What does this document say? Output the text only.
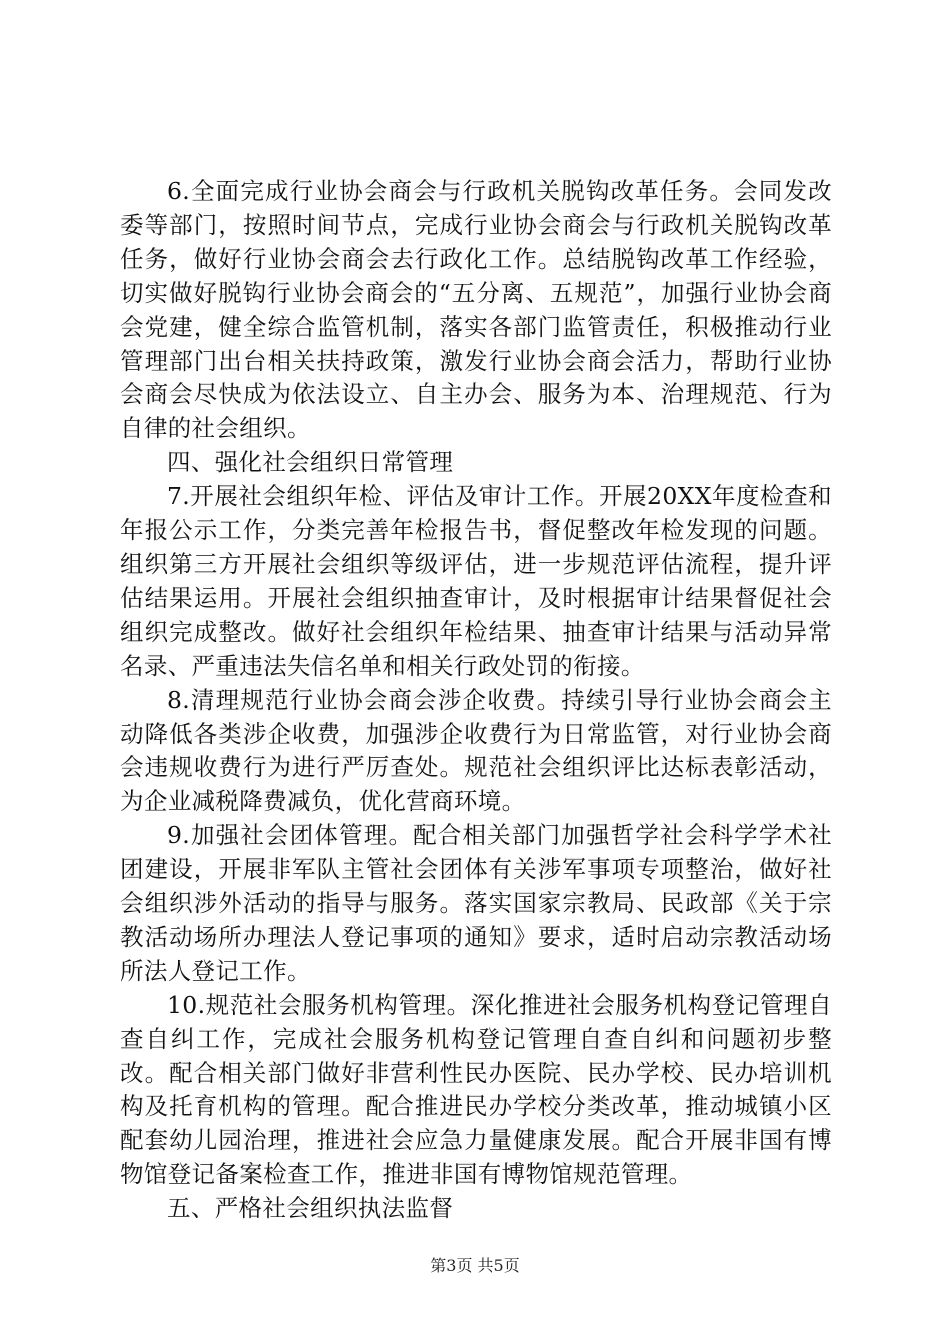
6.全面完成行业协会商会与行政机关脱钩改革任务。会同发改委等部门，按照时间节点，完成行业协会商会与行政机关脱钩改革任务，做好行业协会商会去行政化工作。总结脱钩改革工作经验，切实做好脱钩行业协会商会的“五分离、五规范”，加强行业协会商会党建，健全综合监管机制，落实各部门监管责任，积极推动行业管理部门出台相关扶持政策，激发行业协会商会活力，帮助行业协会商会尽快成为依法设立、自主办会、服务为本、治理规范、行为自律的社会组织。

四、强化社会组织日常管理

7.开展社会组织年检、评估及审计工作。开展20XX年度检查和年报公示工作，分类完善年检报告书，督促整改年检发现的问题。组织第三方开展社会组织等级评估，进一步规范评估流程，提升评估结果运用。开展社会组织抽查审计，及时根据审计结果督促社会组织完成整改。做好社会组织年检结果、抽查审计结果与活动异常名录、严重违法失信名单和相关行政处罚的衔接。

8.清理规范行业协会商会涉企收费。持续引导行业协会商会主动降低各类涉企收费，加强涉企收费行为日常监管，对行业协会商会违规收费行为进行严厉查处。规范社会组织评比达标表彰活动，为企业减税降费减负，优化营商环境。

9.加强社会团体管理。配合相关部门加强哲学社会科学学术社团建设，开展非军队主管社会团体有关涉军事项专项整治，做好社会组织涉外活动的指导与服务。落实国家宗教局、民政部《关于宗教活动场所办理法人登记事项的通知》要求，适时启动宗教活动场所法人登记工作。

10.规范社会服务机构管理。深化推进社会服务机构登记管理自查自纠工作，完成社会服务机构登记管理自查自纠和问题初步整改。配合相关部门做好非营利性民办医院、民办学校、民办培训机构及托育机构的管理。配合推进民办学校分类改革，推动城镇小区配套幼儿园治理，推进社会应急力量健康发展。配合开展非国有博物馆登记备案检查工作，推进非国有博物馆规范管理。

五、严格社会组织执法监督

第3页 共5页
